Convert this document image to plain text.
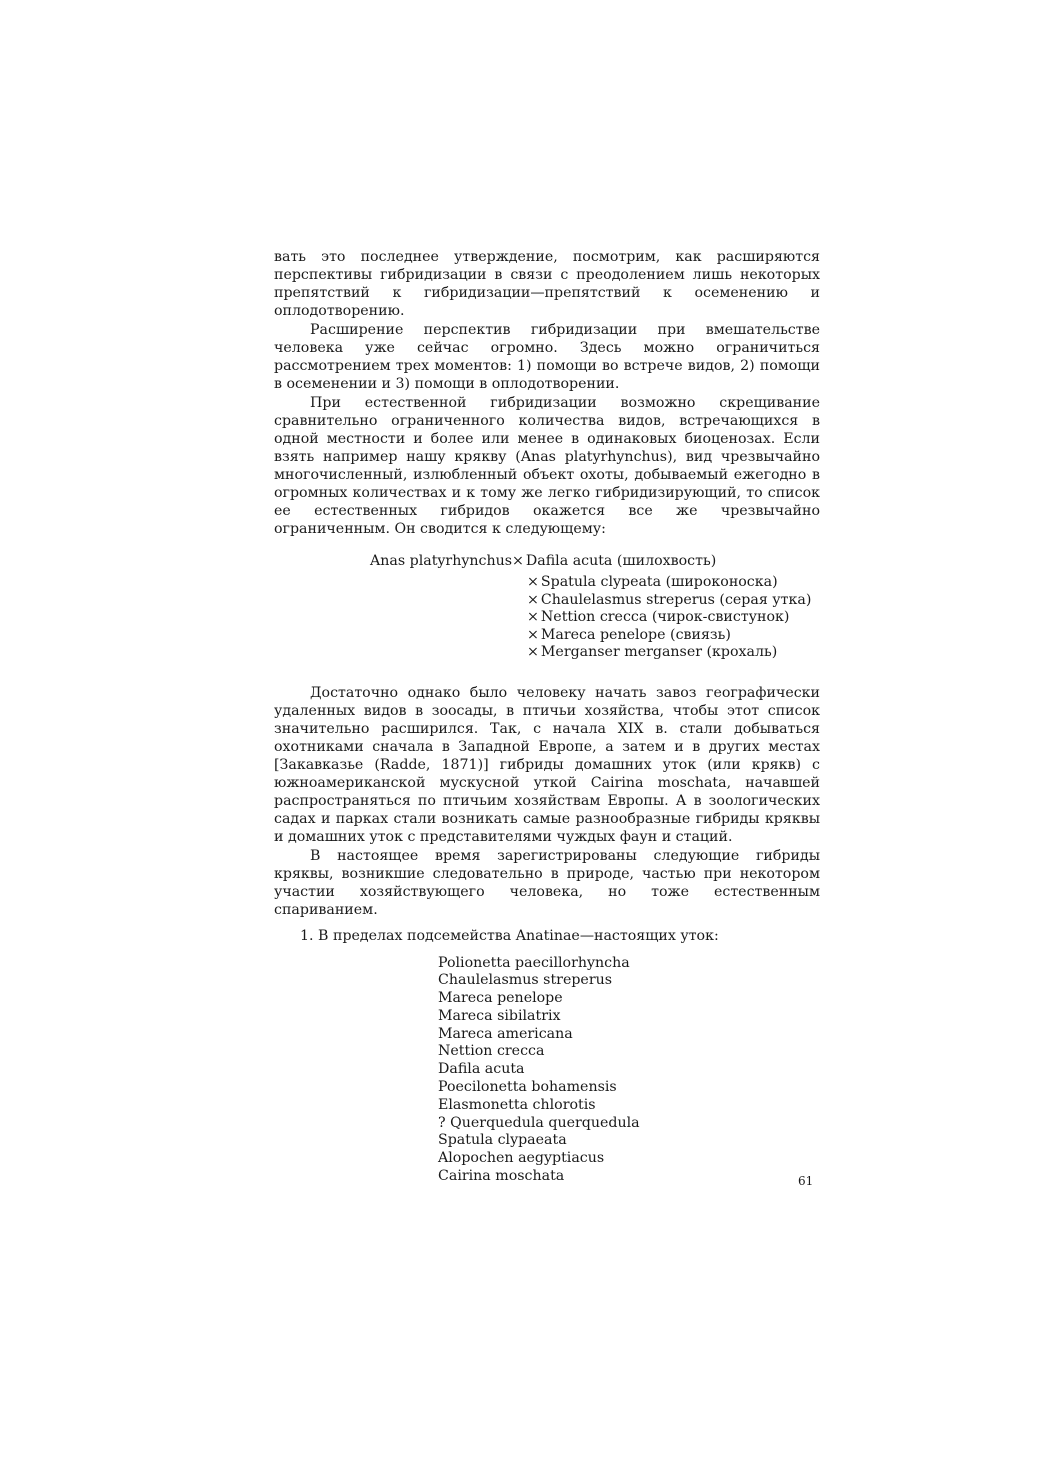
вать это последнее утверждение, посмотрим, как расширяются перспективы гибридизации в связи с преодолением лишь некоторых препятствий к гибридизации—препятствий к осеменению и оплодотворению.

Расширение перспектив гибридизации при вмешательстве человека уже сейчас огромно. Здесь можно ограничиться рассмотрением трех моментов: 1) помощи во встрече видов, 2) помощи в осеменении и 3) помощи в оплодотворении.

При естественной гибридизации возможно скрещивание сравнительно ограниченного количества видов, встречающихся в одной местности и более или менее в одинаковых биоценозах. Если взять например нашу крякву (Anas platyrhynchus), вид чрезвычайно многочисленный, излюбленный объект охоты, добываемый ежегодно в огромных количествах и к тому же легко гибридизирующий, то список ее естественных гибридов окажется все же чрезвычайно ограниченным. Он сводится к следующему:

Anas platyrhynchus× Dafila acuta (шилохвость)
× Spatula clypeata (широконоска)
× Chaulelasmus streperus (серая утка)
× Nettion crecca (чирок-свистунок)
× Mareca penelope (свиязь)
× Merganser merganser (крохаль)

Достаточно однако было человеку начать завоз географически удаленных видов в зоосады, в птичьи хозяйства, чтобы этот список значительно расширился. Так, с начала XIX в. стали добываться охотниками сначала в Западной Европе, а затем и в других местах [Закавказье (Radde, 1871)] гибриды домашних уток (или крякв) с южноамериканской мускусной уткой Cairina moschata, начавшей распространяться по птичьим хозяйствам Европы. А в зоологических садах и парках стали возникать самые разнообразные гибриды кряквы и домашних уток с представителями чуждых фаун и стаций.

В настоящее время зарегистрированы следующие гибриды кряквы, возникшие следовательно в природе, частью при некотором участии хозяйствующего человека, но тоже естественным спариванием.

1. В пределах подсемейства Anatinae—настоящих уток:
Polionetta paecillorhyncha
Chaulelasmus streperus
Mareca penelope
Mareca sibilatrix
Mareca americana
Nettion crecca
Dafila acuta
Poecilonetta bohamensis
Elasmonetta chlorotis
? Querquedula querquedula
Spatula clypaeata
Alopochen aegyptiacus
Cairina moschata	61
